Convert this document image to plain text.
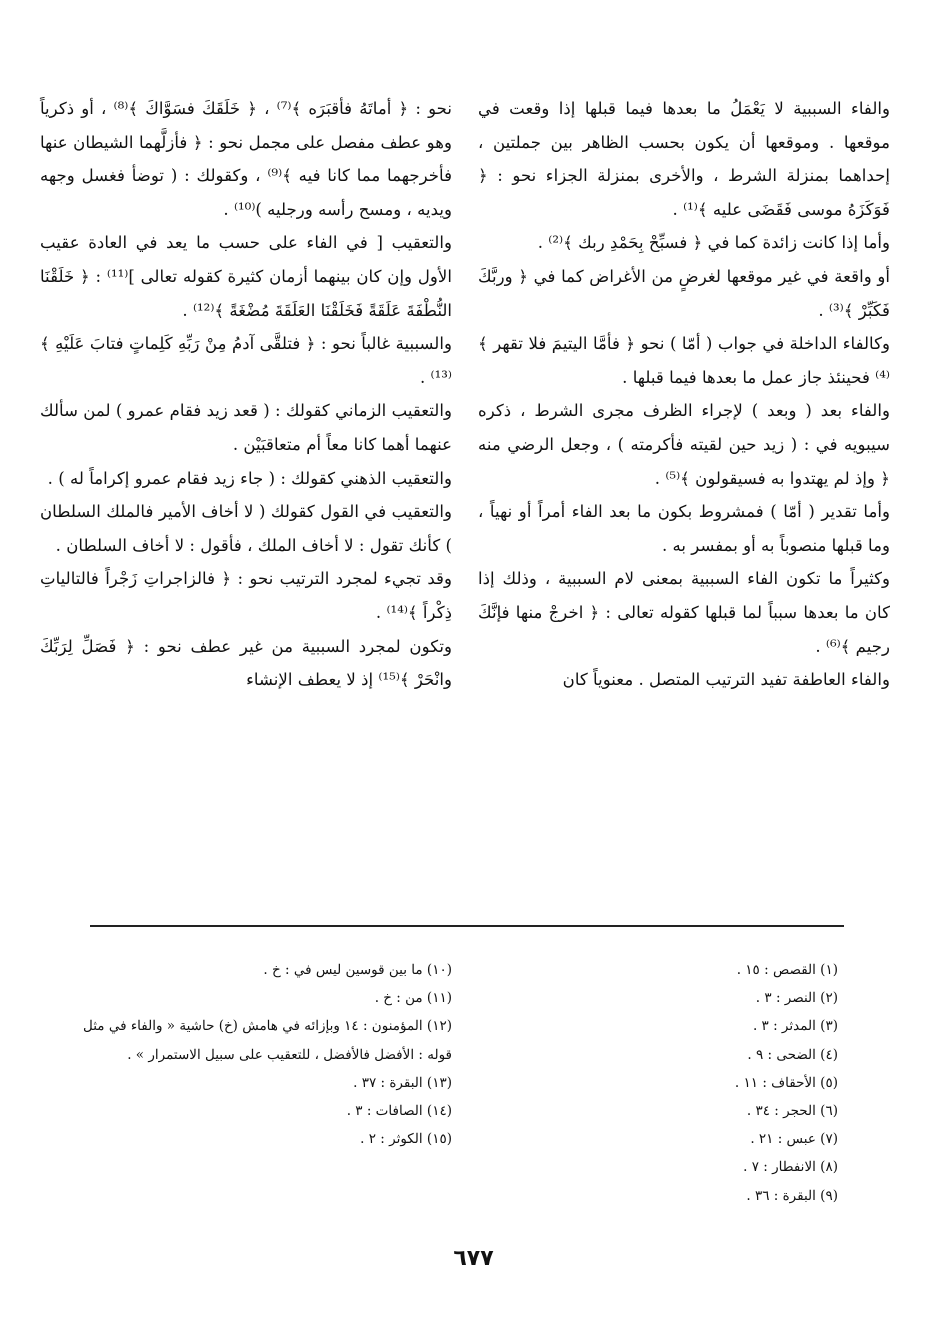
والفاء السببية لا يَعْمَلُ ما بعدها فيما قبلها إذا وقعت في موقعها . وموقعها أن يكون بحسب الظاهر بين جملتين ، إحداهما بمنزلة الشرط ، والأخرى بمنزلة الجزاء نحو : ﴿ فَوَكَزَهُ موسى فَقَضَى عليه ﴾⁽¹⁾ .

وأما إذا كانت زائدة كما في ﴿ فسبِّحْ بِحَمْدِ ربك ﴾⁽²⁾ .

أو واقعة في غير موقعها لغرضٍ من الأغراض كما في ﴿ وربَّكَ فَكَبِّرْ ﴾⁽³⁾ .

وكالفاء الداخلة في جواب ( أمّا ) نحو ﴿ فأمَّا اليتيمَ فلا تقهر ﴾⁽⁴⁾ فحينئذ جاز عمل ما بعدها فيما قبلها .

والفاء بعد ( وبعد ) لإجراء الظرف مجرى الشرط ، ذكره سيبويه في : ( زيد حين لقيته فأكرمته ) ، وجعل الرضي منه ﴿ وإذ لم يهتدوا به فسيقولون ﴾⁽⁵⁾ .

وأما تقدير ( أمّا ) فمشروط بكون ما بعد الفاء أمراً أو نهياً ، وما قبلها منصوباً به أو بمفسر به .

وكثيراً ما تكون الفاء السببية بمعنى لام السببية ، وذلك إذا كان ما بعدها سبباً لما قبلها كقوله تعالى : ﴿ اخرجْ منها فإنَّكَ رجيم ﴾⁽⁶⁾ .

والفاء العاطفة تفيد الترتيب المتصل . معنوياً كان

نحو : ﴿ أماتَهُ فأقبَرَه ﴾⁽⁷⁾ ، ﴿ خَلَقَكَ فسَوَّاكَ ﴾⁽⁸⁾ ، أو ذكرياً وهو عطف مفصل على مجمل نحو : ﴿ فأزلَّهما الشيطان عنها فأخرجهما مما كانا فيه ﴾⁽⁹⁾ ، وكقولك : ( توضأ فغسل وجهه ويديه ، ومسح رأسه ورجليه )⁽¹⁰⁾ .

والتعقيب [ في الفاء على حسب ما يعد في العادة عقيب الأول وإن كان بينهما أزمان كثيرة كقوله تعالى ]⁽¹¹⁾ : ﴿ خَلَقْنَا النُّطْفَةَ عَلَقَةً فَخَلَقْنَا العَلَقَةَ مُضْغَةً ﴾⁽¹²⁾ .

والسببية غالباً نحو : ﴿ فتلقَّى آدمُ مِنْ رَبِّهِ كَلِماتٍ فتابَ عَلَيْهِ ﴾⁽¹³⁾ .

والتعقيب الزماني كقولك : ( قعد زيد فقام عمرو ) لمن سألك عنهما أهما كانا معاً أم متعاقبَيْن .

والتعقيب الذهني كقولك : ( جاء زيد فقام عمرو إكراماً له ) .

والتعقيب في القول كقولك ( لا أخاف الأمير فالملك السلطان ) كأنك تقول : لا أخاف الملك ، فأقول : لا أخاف السلطان .

وقد تجيء لمجرد الترتيب نحو : ﴿ فالزاجراتِ زَجْراً فالتالياتِ ذِكْراً ﴾⁽¹⁴⁾ .

وتكون لمجرد السببية من غير عطف نحو : ﴿ فَصَلِّ لِرَبِّكَ وانْحَرْ ﴾⁽¹⁵⁾ إذ لا يعطف الإنشاء

(١) القصص : ١٥ .

(٢) النصر : ٣ .

(٣) المدثر : ٣ .

(٤) الضحى : ٩ .

(٥) الأحقاف : ١١ .

(٦) الحجر : ٣٤ .

(٧) عبس : ٢١ .

(٨) الانفطار : ٧ .

(٩) البقرة : ٣٦ .

(١٠) ما بين قوسين ليس في : خ .

(١١) من : خ .

(١٢) المؤمنون : ١٤ وبإزائه في هامش (خ) حاشية « والفاء في مثل قوله : الأفضل فالأفضل ، للتعقيب على سبيل الاستمرار » .

(١٣) البقرة : ٣٧ .

(١٤) الصافات : ٣ .

(١٥) الكوثر : ٢ .

٦٧٧
